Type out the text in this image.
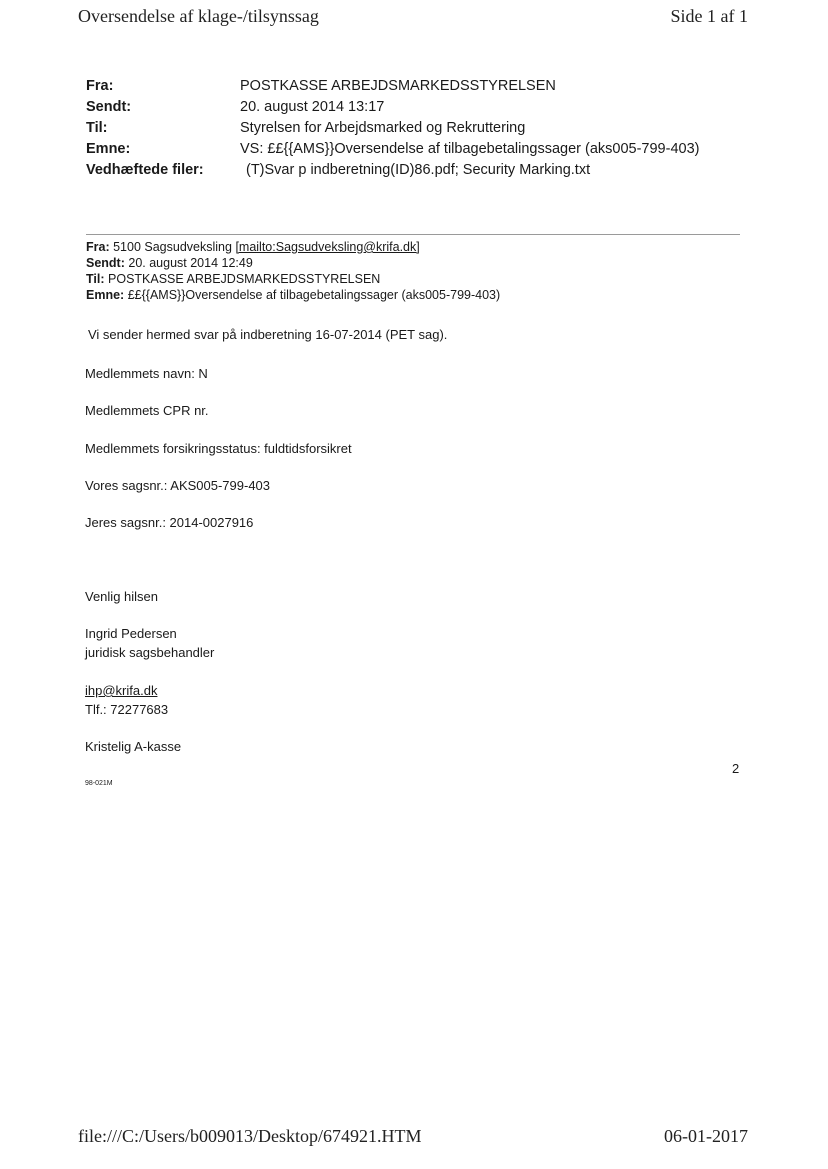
Oversendelse af klage-/tilsynssag	Side 1 af 1
Fra:	POSTKASSE ARBEJDSMARKEDSSTYRELSEN
Sendt:	20. august 2014 13:17
Til:	Styrelsen for Arbejdsmarked og Rekruttering
Emne:	VS: ££{{AMS}}Oversendelse af tilbagebetalingssager (aks005-799-403)
Vedhæftede filer:	(T)Svar p indberetning(ID)86.pdf; Security Marking.txt
Fra: 5100 Sagsudveksling [mailto:Sagsudveksling@krifa.dk]
Sendt: 20. august 2014 12:49
Til: POSTKASSE ARBEJDSMARKEDSSTYRELSEN
Emne: ££{{AMS}}Oversendelse af tilbagebetalingssager (aks005-799-403)
Vi sender hermed svar på indberetning 16-07-2014 (PET sag).
Medlemmets navn: N
Medlemmets CPR nr.
Medlemmets forsikringsstatus: fuldtidsforsikret
Vores sagsnr.: AKS005-799-403
Jeres sagsnr.: 2014-0027916
Venlig hilsen
Ingrid Pedersen
juridisk sagsbehandler
ihp@krifa.dk
Tlf.: 72277683
Kristelig A-kasse
98-021M
2
file:///C:/Users/b009013/Desktop/674921.HTM	06-01-2017
